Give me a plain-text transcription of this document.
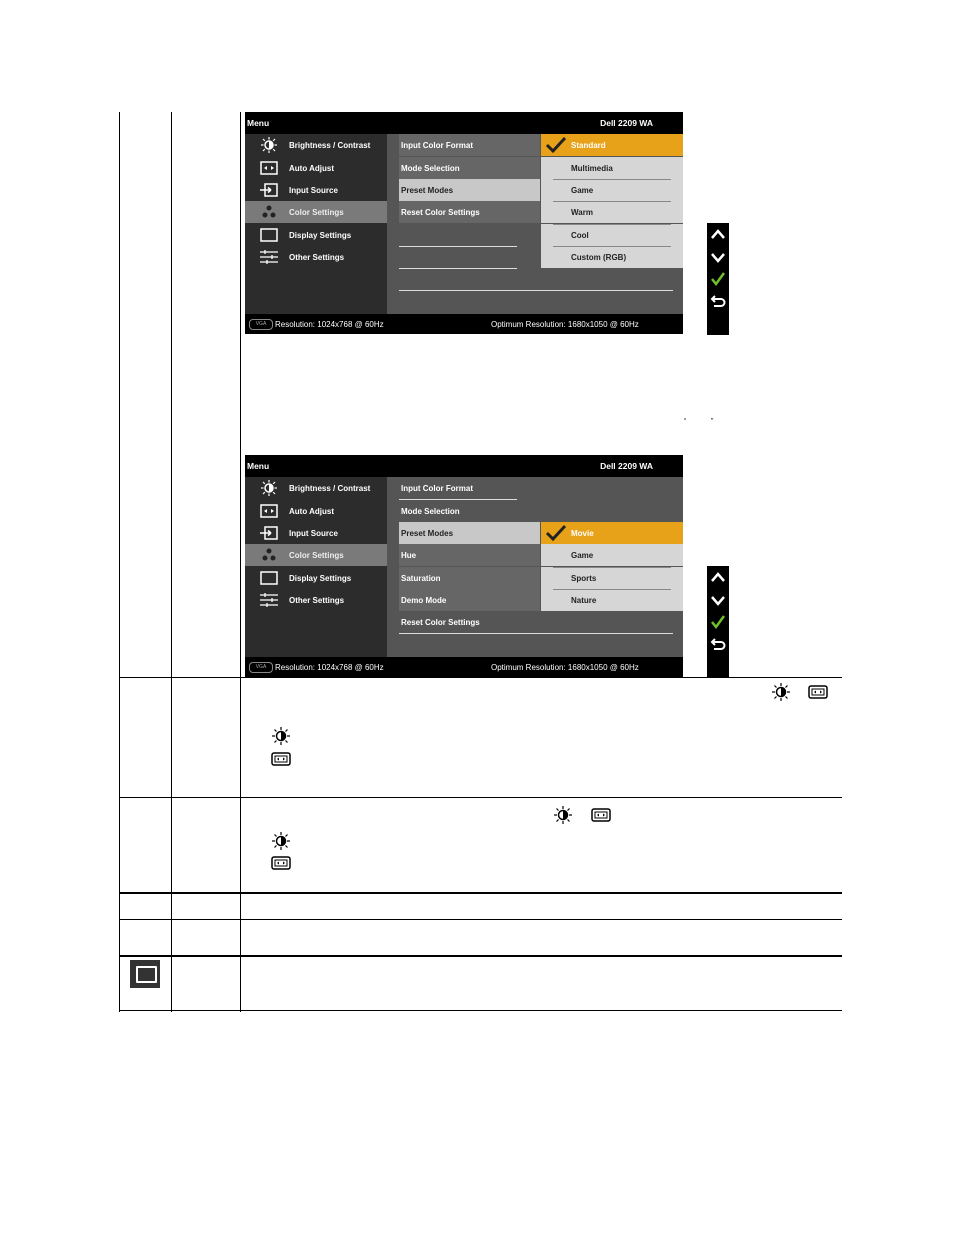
Menu	Dell 2209 WA
Brightness / Contrast
Auto Adjust
Input Source
Color Settings
Display Settings
Other Settings
Input Color Format
Mode Selection
Preset Modes
Reset Color Settings
Standard
Multimedia
Game
Warm
Cool
Custom (RGB)
VGA	Resolution: 1024x768 @ 60Hz	Optimum Resolution: 1680x1050 @ 60Hz
“	”
Menu	Dell 2209 WA
Brightness / Contrast
Auto Adjust
Input Source
Color Settings
Display Settings
Other Settings
Input Color Format
Mode Selection
Preset Modes
Hue
Saturation
Demo Mode
Reset Color Settings
Movie
Game
Sports
Nature
VGA	Resolution: 1024x768 @ 60Hz	Optimum Resolution: 1680x1050 @ 60Hz
